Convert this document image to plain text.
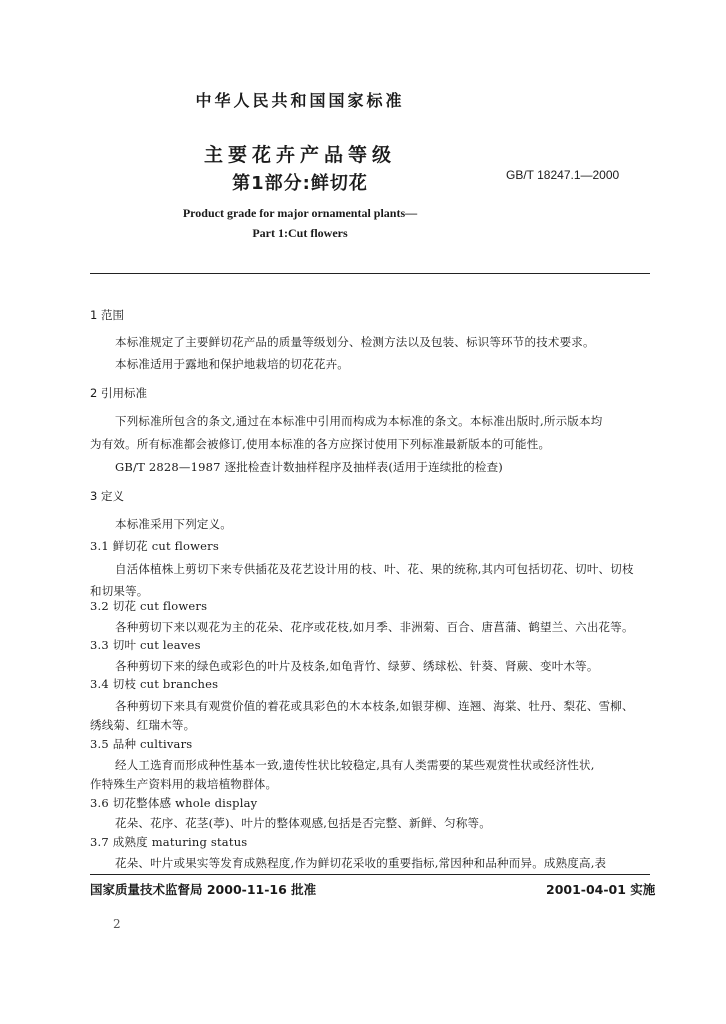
中华人民共和国国家标准
主要花卉产品等级
第1部分:鲜切花	GB/T 18247.1—2000
Product grade for major ornamental plants—
Part 1:Cut flowers
1 范围
本标准规定了主要鲜切花产品的质量等级划分、检测方法以及包装、标识等环节的技术要求。
本标准适用于露地和保护地栽培的切花花卉。
2 引用标准
下列标准所包含的条文,通过在本标准中引用而构成为本标准的条文。本标准出版时,所示版本均
为有效。所有标准都会被修订,使用本标准的各方应探讨使用下列标准最新版本的可能性。
GB/T 2828—1987 逐批检查计数抽样程序及抽样表(适用于连续批的检查)
3 定义
本标准采用下列定义。
3.1 鲜切花 cut flowers
自活体植株上剪切下来专供插花及花艺设计用的枝、叶、花、果的统称,其内可包括切花、切叶、切枝
和切果等。
3.2 切花 cut flowers
各种剪切下来以观花为主的花朵、花序或花枝,如月季、非洲菊、百合、唐菖蒲、鹤望兰、六出花等。
3.3 切叶 cut leaves
各种剪切下来的绿色或彩色的叶片及枝条,如龟背竹、绿萝、绣球松、针葵、肾蕨、变叶木等。
3.4 切枝 cut branches
各种剪切下来具有观赏价值的着花或具彩色的木本枝条,如银芽柳、连翘、海棠、牡丹、梨花、雪柳、
绣线菊、红瑞木等。
3.5 品种 cultivars
经人工选育而形成种性基本一致,遗传性状比较稳定,具有人类需要的某些观赏性状或经济性状,
作特殊生产资料用的栽培植物群体。
3.6 切花整体感 whole display
花朵、花序、花茎(葶)、叶片的整体观感,包括是否完整、新鲜、匀称等。
3.7 成熟度 maturing status
花朵、叶片或果实等发育成熟程度,作为鲜切花采收的重要指标,常因种和品种而异。成熟度高,表
国家质量技术监督局 2000-11-16 批准	2001-04-01 实施
2
